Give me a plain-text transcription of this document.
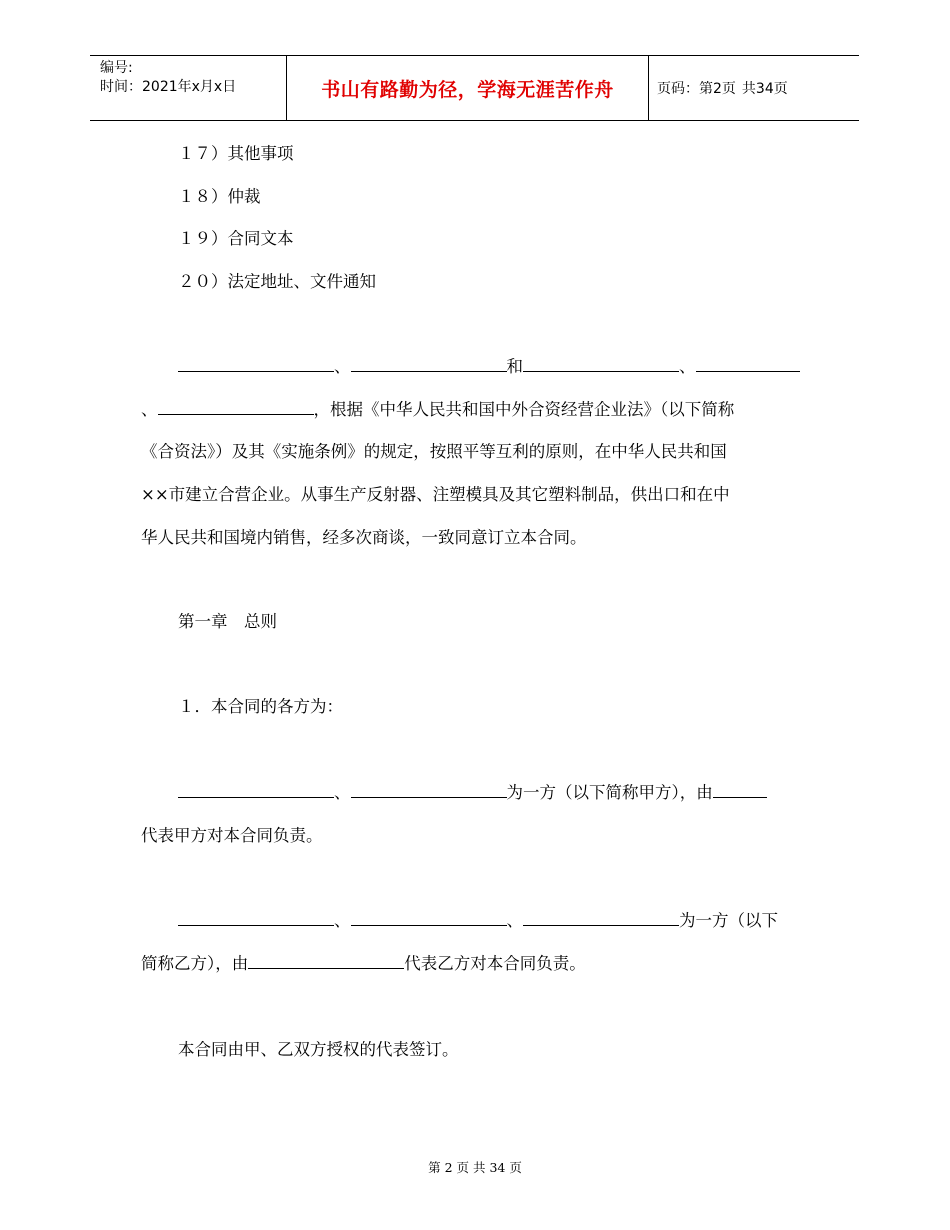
编号:
时间：2021年x月x日	书山有路勤为径，学海无涯苦作舟	页码：第2页 共34页
１７）其他事项
１８）仲裁
１９）合同文本
２０）法定地址、文件通知
、	和	、
、	，根据《中华人民共和国中外合资经营企业法》（以下简称
《合资法》）及其《实施条例》的规定，按照平等互利的原则，在中华人民共和国
××市建立合营企业。从事生产反射器、注塑模具及其它塑料制品，供出口和在中
华人民共和国境内销售，经多次商谈，一致同意订立本合同。
第一章　总则
１．本合同的各方为：
、	为一方（以下简称甲方），由
代表甲方对本合同负责。
、	、	为一方（以下
简称乙方），由	代表乙方对本合同负责。
本合同由甲、乙双方授权的代表签订。
第 2 页 共 34 页
